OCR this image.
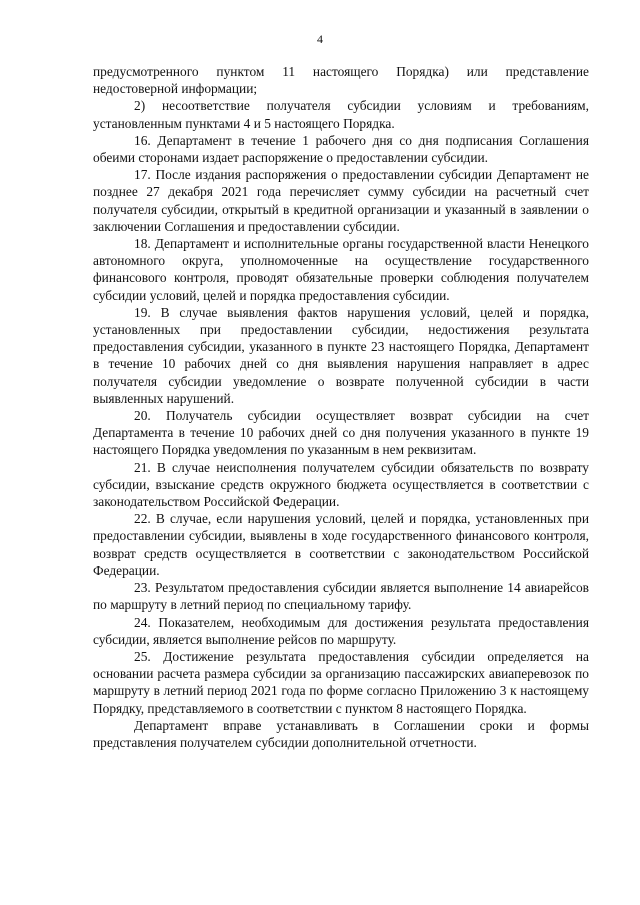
4

предусмотренного пунктом 11 настоящего Порядка) или представление недостоверной информации;

2) несоответствие получателя субсидии условиям и требованиям, установленным пунктами 4 и 5 настоящего Порядка.

16. Департамент в течение 1 рабочего дня со дня подписания Соглашения обеими сторонами издает распоряжение о предоставлении субсидии.

17. После издания распоряжения о предоставлении субсидии Департамент не позднее 27 декабря 2021 года перечисляет сумму субсидии на расчетный счет получателя субсидии, открытый в кредитной организации и указанный в заявлении о заключении Соглашения и предоставлении субсидии.

18. Департамент и исполнительные органы государственной власти Ненецкого автономного округа, уполномоченные на осуществление государственного финансового контроля, проводят обязательные проверки соблюдения получателем субсидии условий, целей и порядка предоставления субсидии.

19. В случае выявления фактов нарушения условий, целей и порядка, установленных при предоставлении субсидии, недостижения результата предоставления субсидии, указанного в пункте 23 настоящего Порядка, Департамент в течение 10 рабочих дней со дня выявления нарушения направляет в адрес получателя субсидии уведомление о возврате полученной субсидии в части выявленных нарушений.

20. Получатель субсидии осуществляет возврат субсидии на счет Департамента в течение 10 рабочих дней со дня получения указанного в пункте 19 настоящего Порядка уведомления по указанным в нем реквизитам.

21. В случае неисполнения получателем субсидии обязательств по возврату субсидии, взыскание средств окружного бюджета осуществляется в соответствии с законодательством Российской Федерации.

22. В случае, если нарушения условий, целей и порядка, установленных при предоставлении субсидии, выявлены в ходе государственного финансового контроля, возврат средств осуществляется в соответствии с законодательством Российской Федерации.

23. Результатом предоставления субсидии является выполнение 14 авиарейсов по маршруту в летний период по специальному тарифу.

24. Показателем, необходимым для достижения результата предоставления субсидии, является выполнение рейсов по маршруту.

25. Достижение результата предоставления субсидии определяется на основании расчета размера субсидии за организацию пассажирских авиаперевозок по маршруту в летний период 2021 года по форме согласно Приложению 3 к настоящему Порядку, представляемого в соответствии с пунктом 8 настоящего Порядка.

Департамент вправе устанавливать в Соглашении сроки и формы представления получателем субсидии дополнительной отчетности.
